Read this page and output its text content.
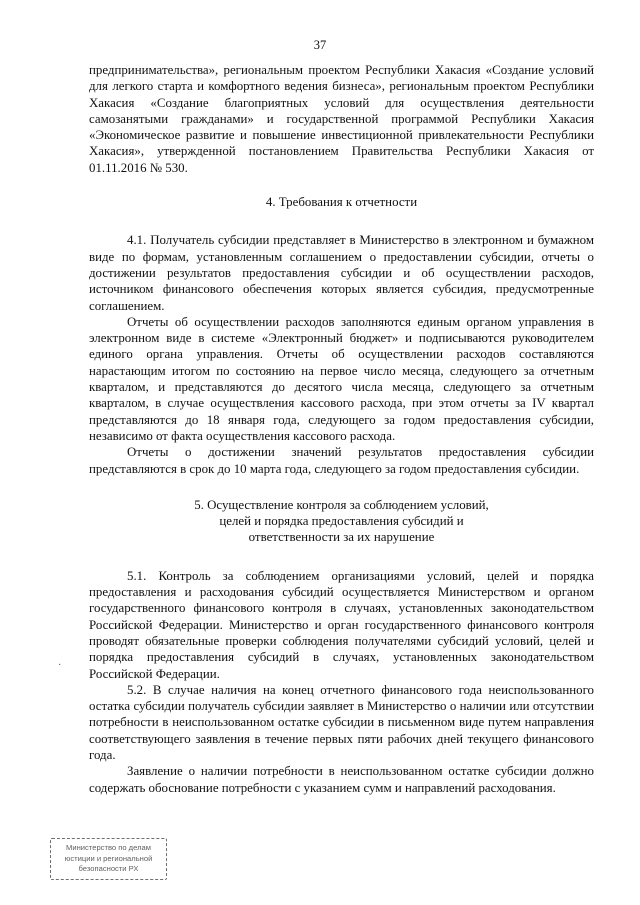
37

предпринимательства», региональным проектом Республики Хакасия «Создание условий для легкого старта и комфортного ведения бизнеса», региональным проектом Республики Хакасия «Создание благоприятных условий для осуществления деятельности самозанятыми гражданами» и государственной программой Республики Хакасия «Экономическое развитие и повышение инвестиционной привлекательности Республики Хакасия», утвержденной постановлением Правительства Республики Хакасия от 01.11.2016 № 530.

4. Требования к отчетности

4.1. Получатель субсидии представляет в Министерство в электронном и бумажном виде по формам, установленным соглашением о предоставлении субсидии, отчеты о достижении результатов предоставления субсидии и об осуществлении расходов, источником финансового обеспечения которых является субсидия, предусмотренные соглашением.

Отчеты об осуществлении расходов заполняются единым органом управления в электронном виде в системе «Электронный бюджет» и подписываются руководителем единого органа управления. Отчеты об осуществлении расходов составляются нарастающим итогом по состоянию на первое число месяца, следующего за отчетным кварталом, и представляются до десятого числа месяца, следующего за отчетным кварталом, в случае осуществления кассового расхода, при этом отчеты за IV квартал представляются до 18 января года, следующего за годом предоставления субсидии, независимо от факта осуществления кассового расхода.

Отчеты о достижении значений результатов предоставления субсидии представляются в срок до 10 марта года, следующего за годом предоставления субсидии.

5. Осуществление контроля за соблюдением условий,
целей и порядка предоставления субсидий и
ответственности за их нарушение

5.1. Контроль за соблюдением организациями условий, целей и порядка предоставления и расходования субсидий осуществляется Министерством и органом государственного финансового контроля в случаях, установленных законодательством Российской Федерации. Министерство и орган государственного финансового контроля проводят обязательные проверки соблюдения получателями субсидий условий, целей и порядка предоставления субсидий в случаях, установленных законодательством Российской Федерации.

5.2. В случае наличия на конец отчетного финансового года неиспользованного остатка субсидии получатель субсидии заявляет в Министерство о наличии или отсутствии потребности в неиспользованном остатке субсидии в письменном виде путем направления соответствующего заявления в течение первых пяти рабочих дней текущего финансового года.

Заявление о наличии потребности в неиспользованном остатке субсидии должно содержать обоснование потребности с указанием сумм и направлений расходования.

·
Министерство по делам
юстиции и региональной
безопасности РХ
